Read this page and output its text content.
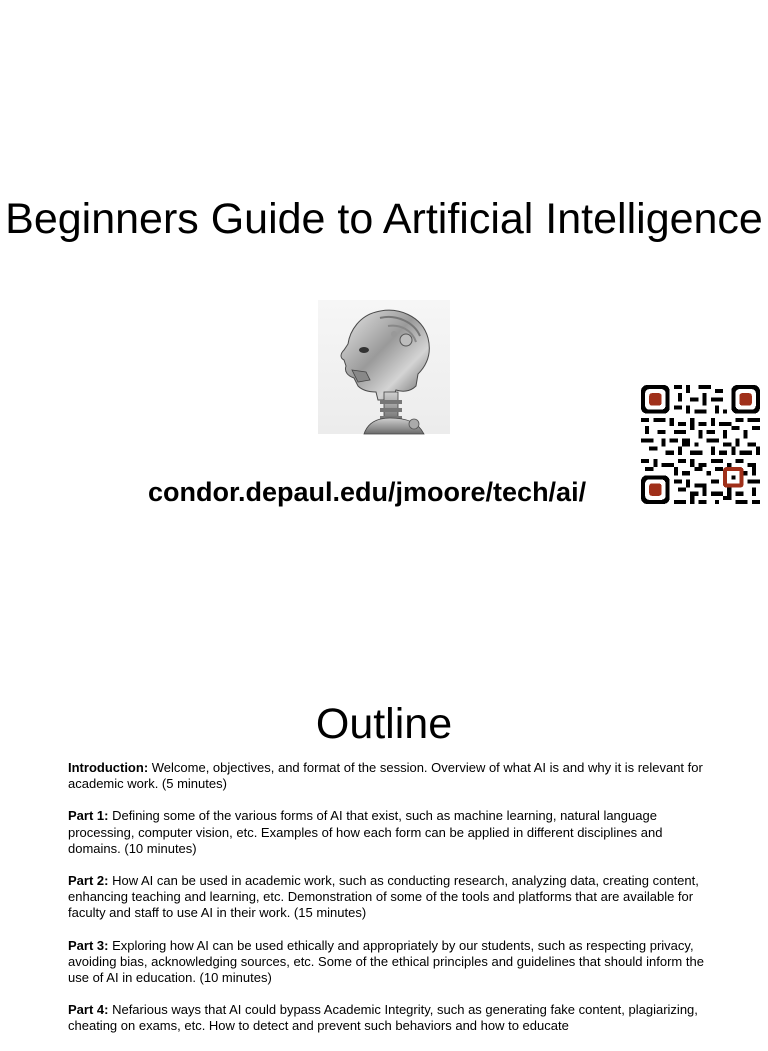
Beginners Guide to Artificial Intelligence
condor.depaul.edu/jmoore/tech/ai/
Outline

Introduction: Welcome, objectives, and format of the session. Overview of what AI is and why it is relevant for academic work. (5 minutes)

Part 1: Defining some of the various forms of AI that exist, such as machine learning, natural language processing, computer vision, etc. Examples of how each form can be applied in different disciplines and domains. (10 minutes)

Part 2: How AI can be used in academic work, such as conducting research, analyzing data, creating content, enhancing teaching and learning, etc. Demonstration of some of the tools and platforms that are available for faculty and staff to use AI in their work. (15 minutes)

Part 3: Exploring how AI can be used ethically and appropriately by our students, such as respecting privacy, avoiding bias, acknowledging sources, etc. Some of the ethical principles and guidelines that should inform the use of AI in education. (10 minutes)

Part 4: Nefarious ways that AI could bypass Academic Integrity, such as generating fake content, plagiarizing, cheating on exams, etc. How to detect and prevent such behaviors and how to educate
